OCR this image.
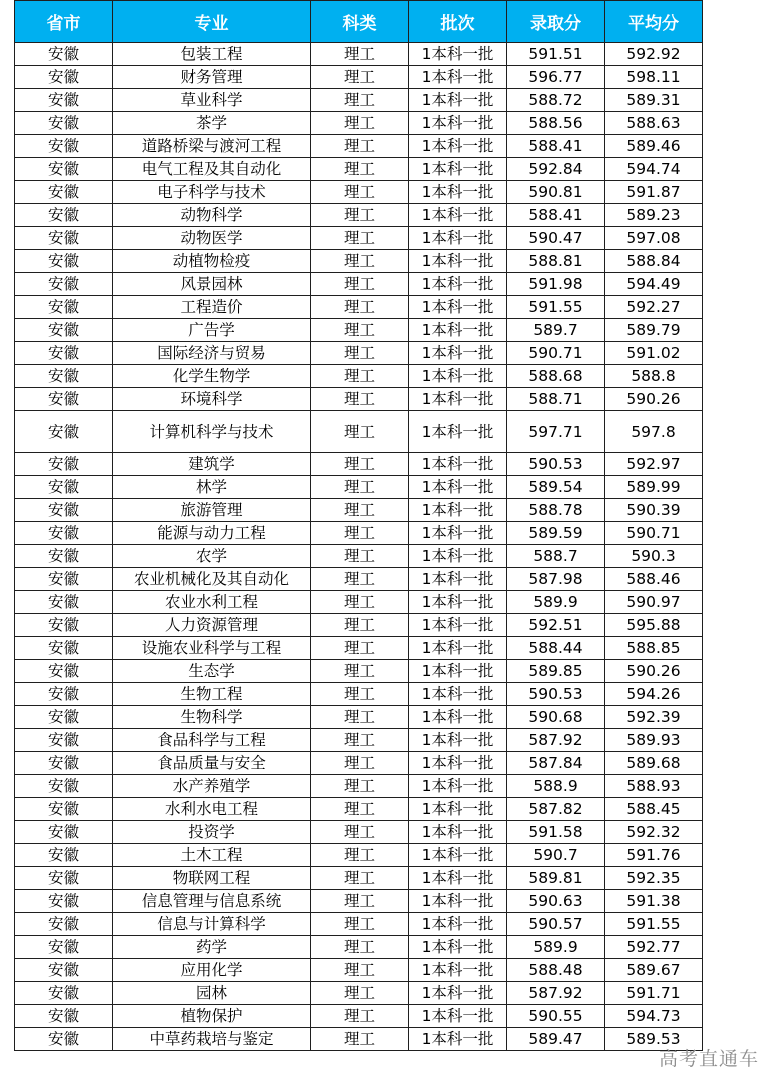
省市	专业	科类	批次	录取分	平均分
安徽	包装工程	理工	1本科一批	591.51	592.92
安徽	财务管理	理工	1本科一批	596.77	598.11
安徽	草业科学	理工	1本科一批	588.72	589.31
安徽	茶学	理工	1本科一批	588.56	588.63
安徽	道路桥梁与渡河工程	理工	1本科一批	588.41	589.46
安徽	电气工程及其自动化	理工	1本科一批	592.84	594.74
安徽	电子科学与技术	理工	1本科一批	590.81	591.87
安徽	动物科学	理工	1本科一批	588.41	589.23
安徽	动物医学	理工	1本科一批	590.47	597.08
安徽	动植物检疫	理工	1本科一批	588.81	588.84
安徽	风景园林	理工	1本科一批	591.98	594.49
安徽	工程造价	理工	1本科一批	591.55	592.27
安徽	广告学	理工	1本科一批	589.7	589.79
安徽	国际经济与贸易	理工	1本科一批	590.71	591.02
安徽	化学生物学	理工	1本科一批	588.68	588.8
安徽	环境科学	理工	1本科一批	588.71	590.26
安徽	计算机科学与技术	理工	1本科一批	597.71	597.8
安徽	建筑学	理工	1本科一批	590.53	592.97
安徽	林学	理工	1本科一批	589.54	589.99
安徽	旅游管理	理工	1本科一批	588.78	590.39
安徽	能源与动力工程	理工	1本科一批	589.59	590.71
安徽	农学	理工	1本科一批	588.7	590.3
安徽	农业机械化及其自动化	理工	1本科一批	587.98	588.46
安徽	农业水利工程	理工	1本科一批	589.9	590.97
安徽	人力资源管理	理工	1本科一批	592.51	595.88
安徽	设施农业科学与工程	理工	1本科一批	588.44	588.85
安徽	生态学	理工	1本科一批	589.85	590.26
安徽	生物工程	理工	1本科一批	590.53	594.26
安徽	生物科学	理工	1本科一批	590.68	592.39
安徽	食品科学与工程	理工	1本科一批	587.92	589.93
安徽	食品质量与安全	理工	1本科一批	587.84	589.68
安徽	水产养殖学	理工	1本科一批	588.9	588.93
安徽	水利水电工程	理工	1本科一批	587.82	588.45
安徽	投资学	理工	1本科一批	591.58	592.32
安徽	土木工程	理工	1本科一批	590.7	591.76
安徽	物联网工程	理工	1本科一批	589.81	592.35
安徽	信息管理与信息系统	理工	1本科一批	590.63	591.38
安徽	信息与计算科学	理工	1本科一批	590.57	591.55
安徽	药学	理工	1本科一批	589.9	592.77
安徽	应用化学	理工	1本科一批	588.48	589.67
安徽	园林	理工	1本科一批	587.92	591.71
安徽	植物保护	理工	1本科一批	590.55	594.73
安徽	中草药栽培与鉴定	理工	1本科一批	589.47	589.53
高考直通车
